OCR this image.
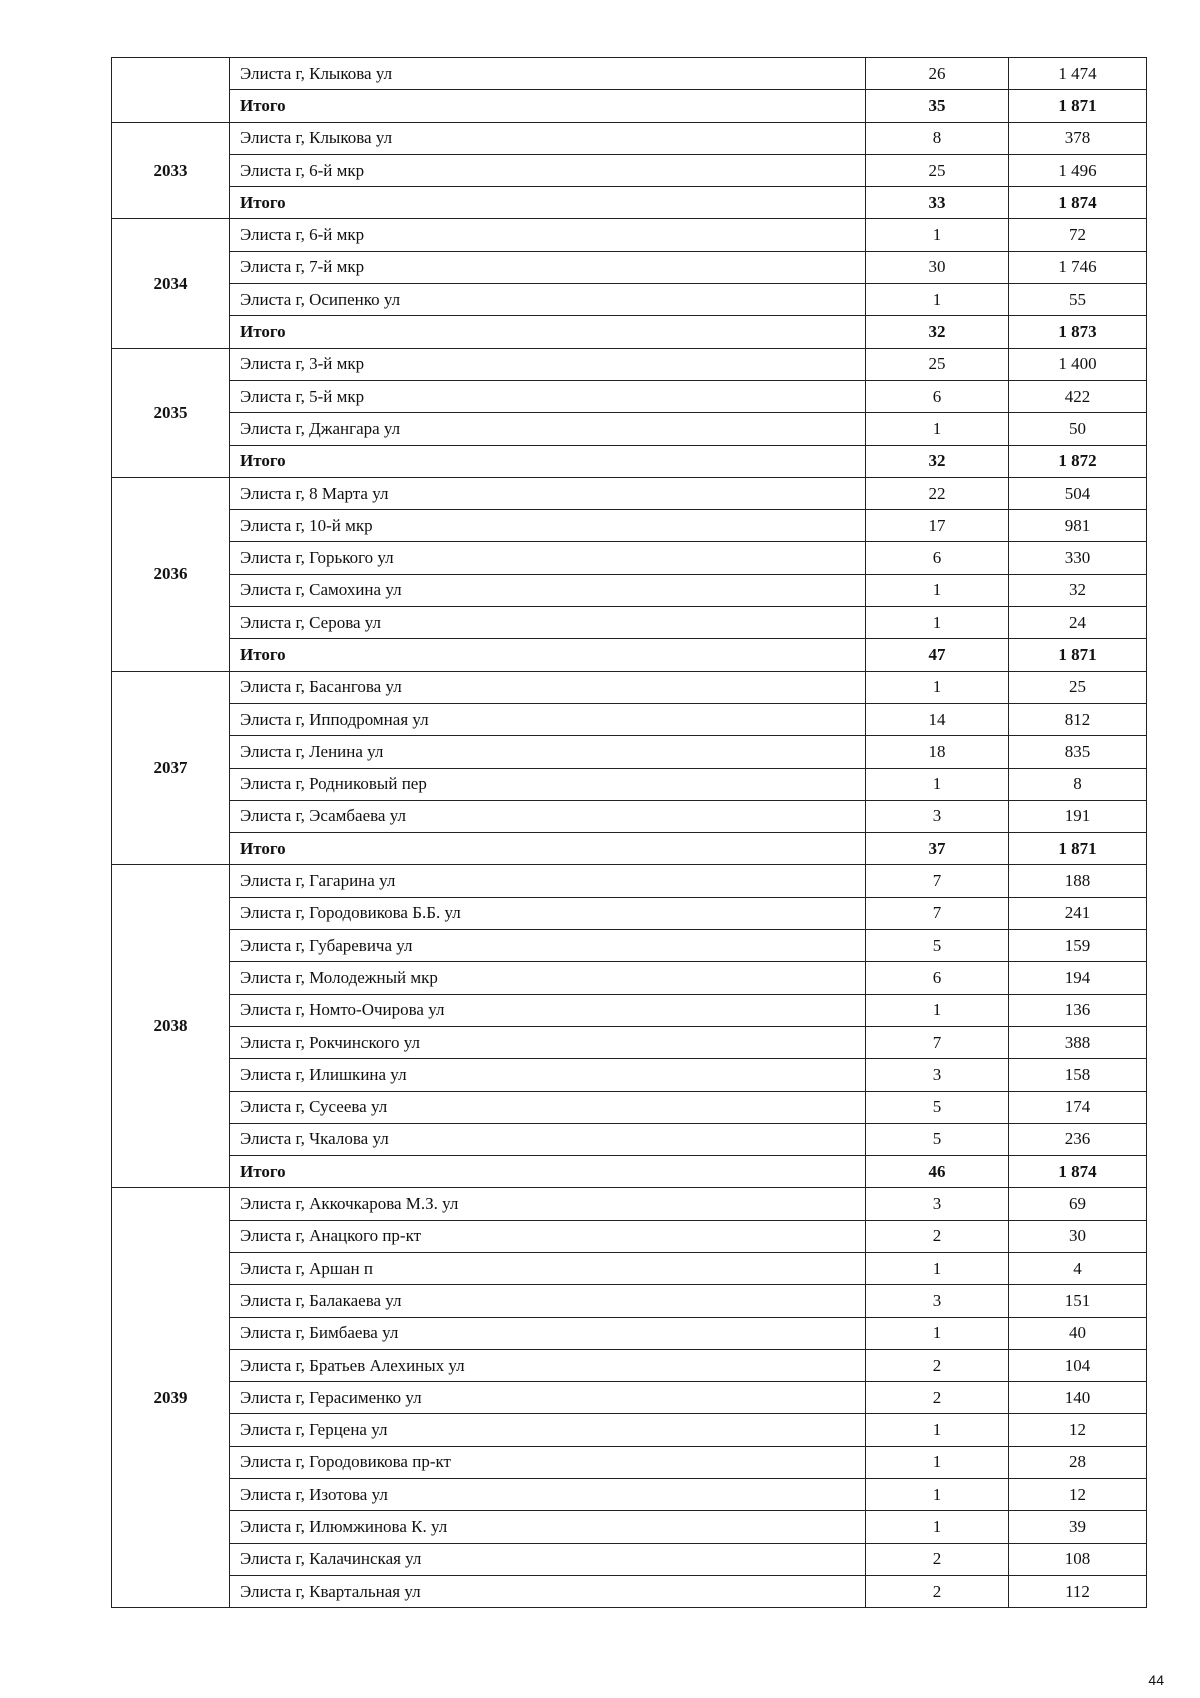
	Элиста г, Клыкова ул	26	1 474
	Итого	35	1 871
2033	Элиста г, Клыкова ул	8	378
	Элиста г, 6-й мкр	25	1 496
	Итого	33	1 874
2034	Элиста г, 6-й мкр	1	72
	Элиста г, 7-й мкр	30	1 746
	Элиста г, Осипенко ул	1	55
	Итого	32	1 873
2035	Элиста г, 3-й мкр	25	1 400
	Элиста г, 5-й мкр	6	422
	Элиста г, Джангара ул	1	50
	Итого	32	1 872
2036	Элиста г, 8 Марта ул	22	504
	Элиста г, 10-й мкр	17	981
	Элиста г, Горького ул	6	330
	Элиста г, Самохина ул	1	32
	Элиста г, Серова ул	1	24
	Итого	47	1 871
2037	Элиста г, Басангова ул	1	25
	Элиста г, Ипподромная ул	14	812
	Элиста г, Ленина ул	18	835
	Элиста г, Родниковый пер	1	8
	Элиста г, Эсамбаева ул	3	191
	Итого	37	1 871
2038	Элиста г, Гагарина ул	7	188
	Элиста г, Городовикова Б.Б. ул	7	241
	Элиста г, Губаревича ул	5	159
	Элиста г, Молодежный мкр	6	194
	Элиста г, Номто-Очирова ул	1	136
	Элиста г, Рокчинского ул	7	388
	Элиста г, Илишкина ул	3	158
	Элиста г, Сусеева ул	5	174
	Элиста г, Чкалова ул	5	236
	Итого	46	1 874
2039	Элиста г, Аккочкарова М.З. ул	3	69
	Элиста г, Анацкого пр-кт	2	30
	Элиста г, Аршан п	1	4
	Элиста г, Балакаева ул	3	151
	Элиста г, Бимбаева ул	1	40
	Элиста г, Братьев Алехиных ул	2	104
	Элиста г, Герасименко ул	2	140
	Элиста г, Герцена ул	1	12
	Элиста г, Городовикова пр-кт	1	28
	Элиста г, Изотова ул	1	12
	Элиста г, Илюмжинова К. ул	1	39
	Элиста г, Калачинская ул	2	108
	Элиста г, Квартальная ул	2	112
44
